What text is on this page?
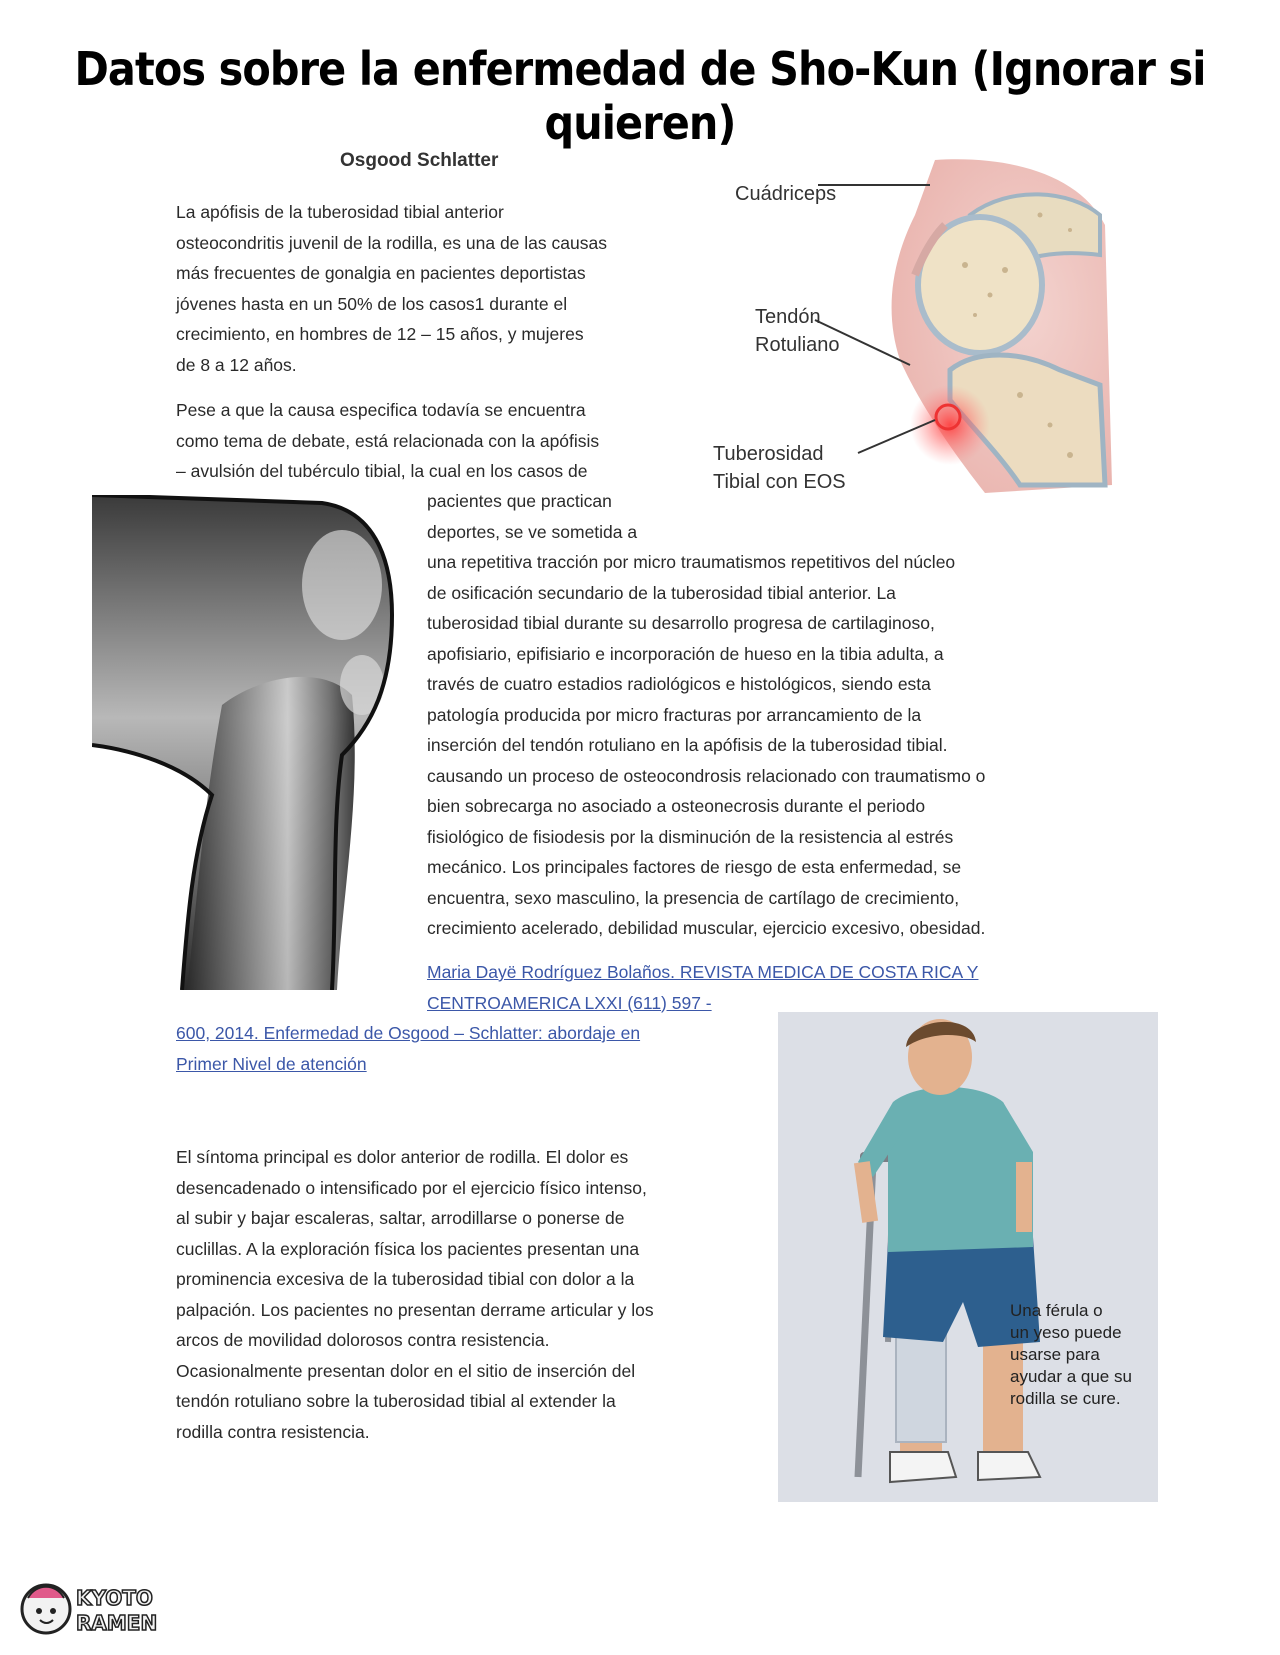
Datos sobre la enfermedad de Sho-Kun (Ignorar si quieren)
Osgood Schlatter

La apófisis de la tuberosidad tibial anterior

osteocondritis juvenil de la rodilla, es una de las causas

más frecuentes de gonalgia en pacientes deportistas

jóvenes hasta en un 50% de los casos1 durante el

crecimiento, en hombres de 12 – 15 años, y mujeres

de 8 a 12 años.

Pese a que la causa especifica todavía se encuentra

como tema de debate, está relacionada con la apófisis

– avulsión del tubérculo tibial, la cual en los casos de

Cuádriceps
Tendón
Rotuliano
Tuberosidad
Tibial con EOS

pacientes que practican

deportes, se ve sometida a

una repetitiva tracción por micro traumatismos repetitivos del núcleo

de osificación secundario de la tuberosidad tibial anterior. La

tuberosidad tibial durante su desarrollo progresa de cartilaginoso,

apofisiario, epifisiario e incorporación de hueso en la tibia adulta, a

través de cuatro estadios radiológicos e histológicos, siendo esta

patología producida por micro fracturas por arrancamiento de la

inserción del tendón rotuliano en la apófisis de la tuberosidad tibial.

causando un proceso de osteocondrosis relacionado con traumatismo o

bien sobrecarga no asociado a osteonecrosis durante el periodo

fisiológico de fisiodesis por la disminución de la resistencia al estrés

mecánico. Los principales factores de riesgo de esta enfermedad, se

encuentra, sexo masculino, la presencia de cartílago de crecimiento,

crecimiento acelerado, debilidad muscular, ejercicio excesivo, obesidad.

Maria Dayë Rodríguez Bolaños. REVISTA MEDICA DE COSTA RICA Y
CENTROAMERICA LXXI (611) 597 -
600, 2014. Enfermedad de Osgood – Schlatter: abordaje en
Primer Nivel de atención

El síntoma principal es dolor anterior de rodilla. El dolor es

desencadenado o intensificado por el ejercicio físico intenso,

al subir y bajar escaleras, saltar, arrodillarse o ponerse de

cuclillas. A la exploración física los pacientes presentan una

prominencia excesiva de la tuberosidad tibial con dolor a la

palpación. Los pacientes no presentan derrame articular y los

arcos de movilidad dolorosos contra resistencia.

Ocasionalmente presentan dolor en el sitio de inserción del

tendón rotuliano sobre la tuberosidad tibial al extender la

rodilla contra resistencia.

Una férula o
un yeso puede
usarse para
ayudar a que su
rodilla se cure.
KYOTO
RAMEN
